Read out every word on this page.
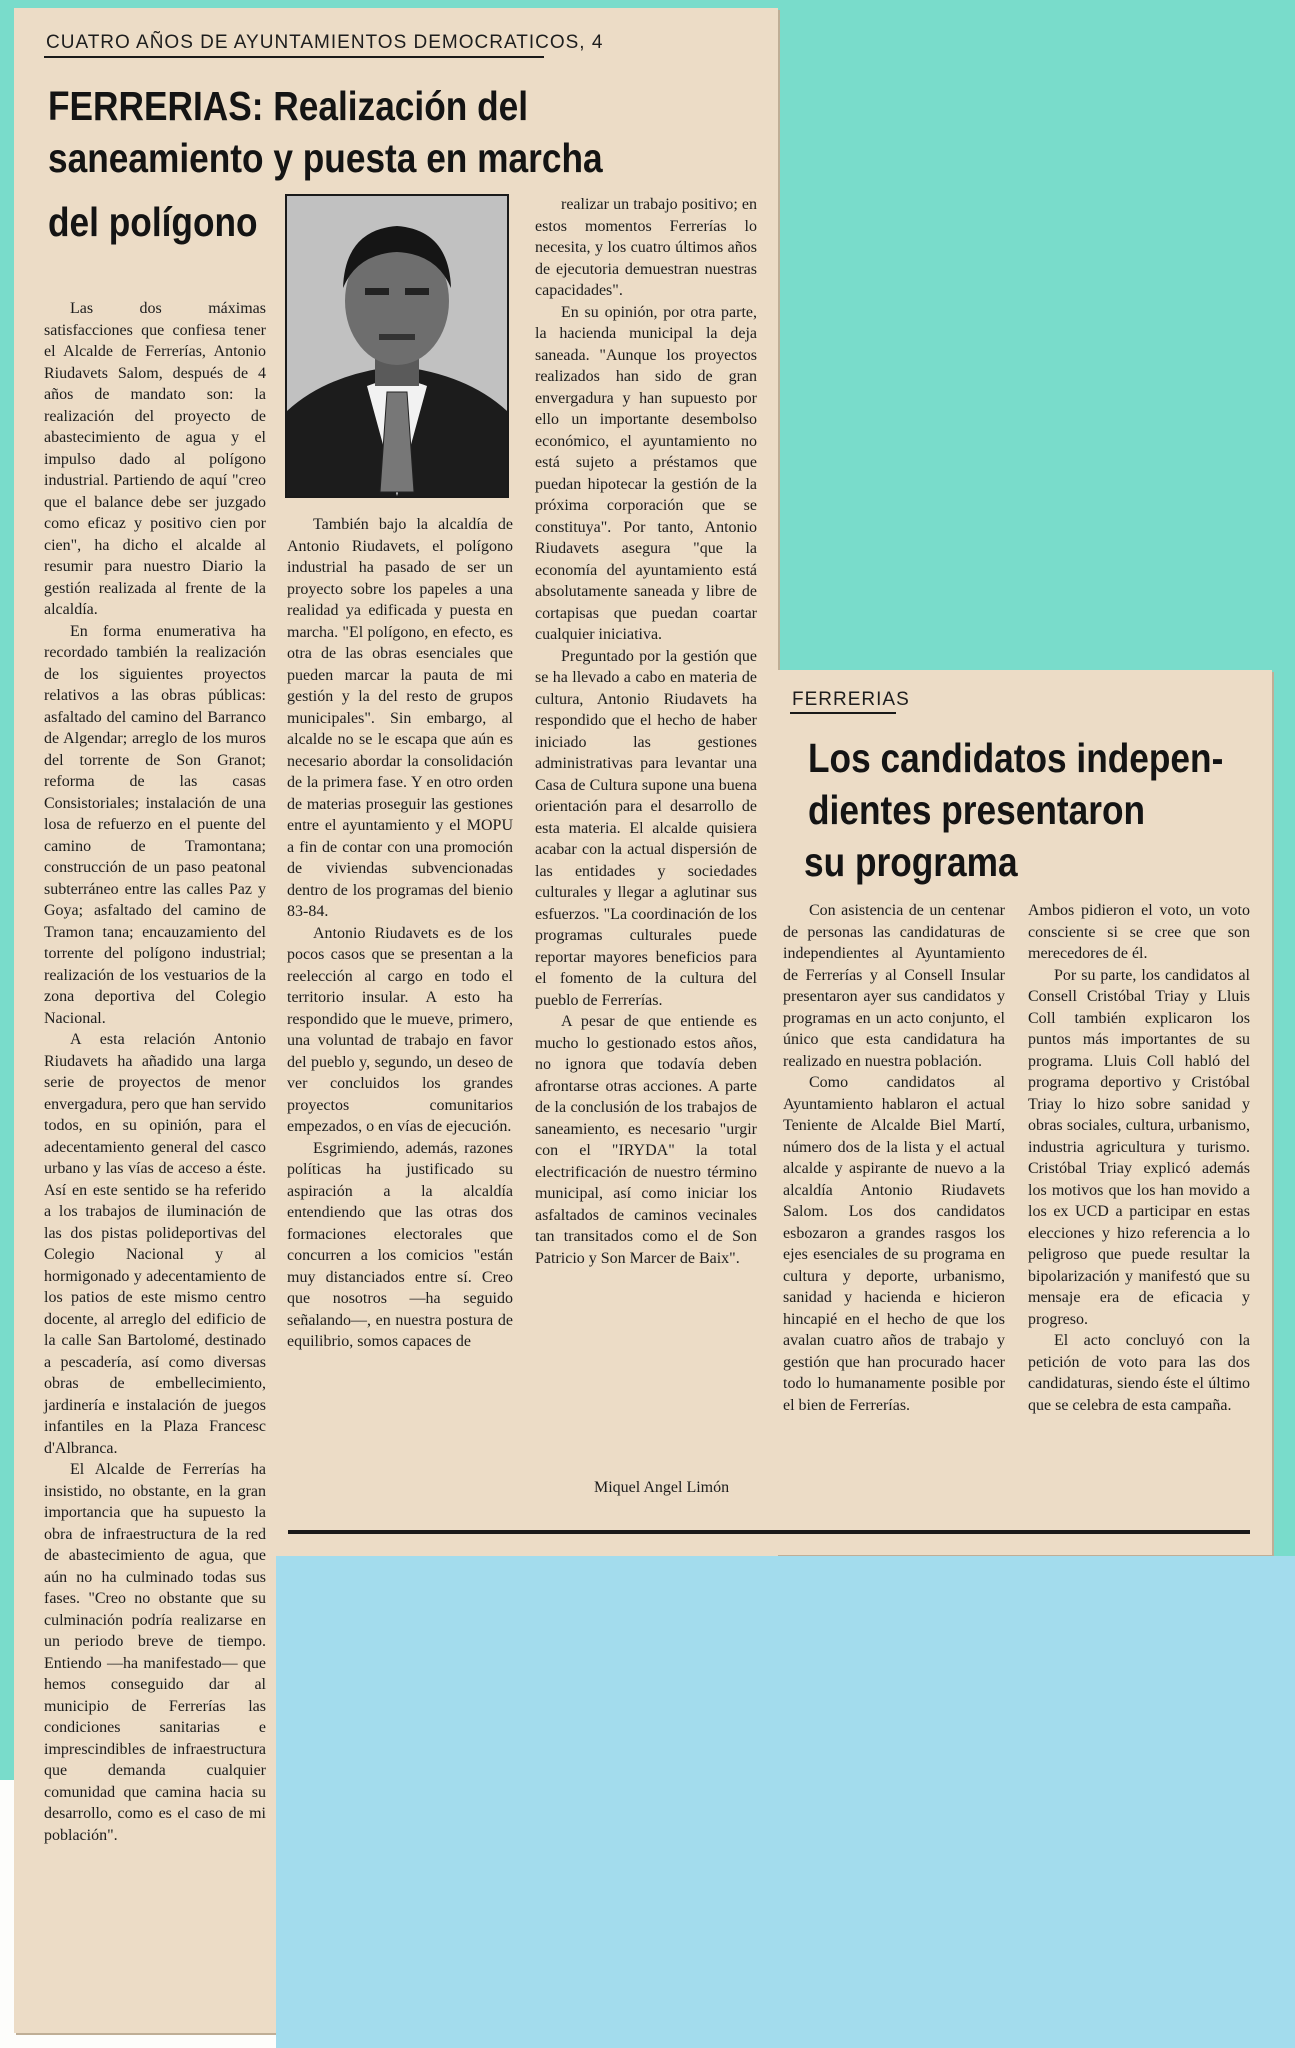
CUATRO AÑOS DE AYUNTAMIENTOS DEMOCRATICOS, 4
FERRERIAS: Realización del
saneamiento y puesta en marcha
del polígono

Las dos máximas satisfacciones que confiesa tener el Alcalde de Ferrerías, Antonio Riudavets Salom, después de 4 años de mandato son: la realización del proyecto de abastecimiento de agua y el impulso dado al polígono industrial. Partiendo de aquí "creo que el balance debe ser juzgado como eficaz y positivo cien por cien", ha dicho el alcalde al resumir para nuestro Diario la gestión realizada al frente de la alcaldía.

En forma enumerativa ha recordado también la realización de los siguientes proyectos relativos a las obras públicas: asfaltado del camino del Barranco de Algendar; arreglo de los muros del torrente de Son Granot; reforma de las casas Consistoriales; instalación de una losa de refuerzo en el puente del camino de Tramontana; construcción de un paso peatonal subterráneo entre las calles Paz y Goya; asfaltado del camino de Tramon tana; encauzamiento del torrente del polígono industrial; realización de los vestuarios de la zona deportiva del Colegio Nacional.

A esta relación Antonio Riudavets ha añadido una larga serie de proyectos de menor envergadura, pero que han servido todos, en su opinión, para el adecentamiento general del casco urbano y las vías de acceso a éste. Así en este sentido se ha referido a los trabajos de iluminación de las dos pistas polideportivas del Colegio Nacional y al hormigonado y adecentamiento de los patios de este mismo centro docente, al arreglo del edificio de la calle San Bartolomé, destinado a pescadería, así como diversas obras de embellecimiento, jardinería e instalación de juegos infantiles en la Plaza Francesc d'Albranca.

El Alcalde de Ferrerías ha insistido, no obstante, en la gran importancia que ha supuesto la obra de infraestructura de la red de abastecimiento de agua, que aún no ha culminado todas sus fases. "Creo no obstante que su culminación podría realizarse en un periodo breve de tiempo. Entiendo —ha manifestado— que hemos conseguido dar al municipio de Ferrerías las condiciones sanitarias e imprescindibles de infraestructura que demanda cualquier comunidad que camina hacia su desarrollo, como es el caso de mi población".

También bajo la alcaldía de Antonio Riudavets, el polígono industrial ha pasado de ser un proyecto sobre los papeles a una realidad ya edificada y puesta en marcha. "El polígono, en efecto, es otra de las obras esenciales que pueden marcar la pauta de mi gestión y la del resto de grupos municipales". Sin embargo, al alcalde no se le escapa que aún es necesario abordar la consolidación de la primera fase. Y en otro orden de materias proseguir las gestiones entre el ayuntamiento y el MOPU a fin de contar con una promoción de viviendas subvencionadas dentro de los programas del bienio 83-84.

Antonio Riudavets es de los pocos casos que se presentan a la reelección al cargo en todo el territorio insular. A esto ha respondido que le mueve, primero, una voluntad de trabajo en favor del pueblo y, segundo, un deseo de ver concluidos los grandes proyectos comunitarios empezados, o en vías de ejecución.

Esgrimiendo, además, razones políticas ha justificado su aspiración a la alcaldía entendiendo que las otras dos formaciones electorales que concurren a los comicios "están muy distanciados entre sí. Creo que nosotros —ha seguido señalando—, en nuestra postura de equilibrio, somos capaces de

realizar un trabajo positivo; en estos momentos Ferrerías lo necesita, y los cuatro últimos años de ejecutoria demuestran nuestras capacidades".

En su opinión, por otra parte, la hacienda municipal la deja saneada. "Aunque los proyectos realizados han sido de gran envergadura y han supuesto por ello un importante desembolso económico, el ayuntamiento no está sujeto a préstamos que puedan hipotecar la gestión de la próxima corporación que se constituya". Por tanto, Antonio Riudavets asegura "que la economía del ayuntamiento está absolutamente saneada y libre de cortapisas que puedan coartar cualquier iniciativa.

Preguntado por la gestión que se ha llevado a cabo en materia de cultura, Antonio Riudavets ha respondido que el hecho de haber iniciado las gestiones administrativas para levantar una Casa de Cultura supone una buena orientación para el desarrollo de esta materia. El alcalde quisiera acabar con la actual dispersión de las entidades y sociedades culturales y llegar a aglutinar sus esfuerzos. "La coordinación de los programas culturales puede reportar mayores beneficios para el fomento de la cultura del pueblo de Ferrerías.

A pesar de que entiende es mucho lo gestionado estos años, no ignora que todavía deben afrontarse otras acciones. A parte de la conclusión de los trabajos de saneamiento, es necesario "urgir con el "IRYDA" la total electrificación de nuestro término municipal, así como iniciar los asfaltados de caminos vecinales tan transitados como el de Son Patricio y Son Marcer de Baix".

Miquel Angel Limón
FERRERIAS
Los candidatos indepen-
dientes presentaron
su programa

Con asistencia de un centenar de personas las candidaturas de independientes al Ayuntamiento de Ferrerías y al Consell Insular presentaron ayer sus candidatos y programas en un acto conjunto, el único que esta candidatura ha realizado en nuestra población.

Como candidatos al Ayuntamiento hablaron el actual Teniente de Alcalde Biel Martí, número dos de la lista y el actual alcalde y aspirante de nuevo a la alcaldía Antonio Riudavets Salom. Los dos candidatos esbozaron a grandes rasgos los ejes esenciales de su programa en cultura y deporte, urbanismo, sanidad y hacienda e hicieron hincapié en el hecho de que los avalan cuatro años de trabajo y gestión que han procurado hacer todo lo humanamente posible por el bien de Ferrerías.

Ambos pidieron el voto, un voto consciente si se cree que son merecedores de él.

Por su parte, los candidatos al Consell Cristóbal Triay y Lluis Coll también explicaron los puntos más importantes de su programa. Lluis Coll habló del programa deportivo y Cristóbal Triay lo hizo sobre sanidad y obras sociales, cultura, urbanismo, industria agricultura y turismo. Cristóbal Triay explicó además los motivos que los han movido a los ex UCD a participar en estas elecciones y hizo referencia a lo peligroso que puede resultar la bipolarización y manifestó que su mensaje era de eficacia y progreso.

El acto concluyó con la petición de voto para las dos candidaturas, siendo éste el último que se celebra de esta campaña.
